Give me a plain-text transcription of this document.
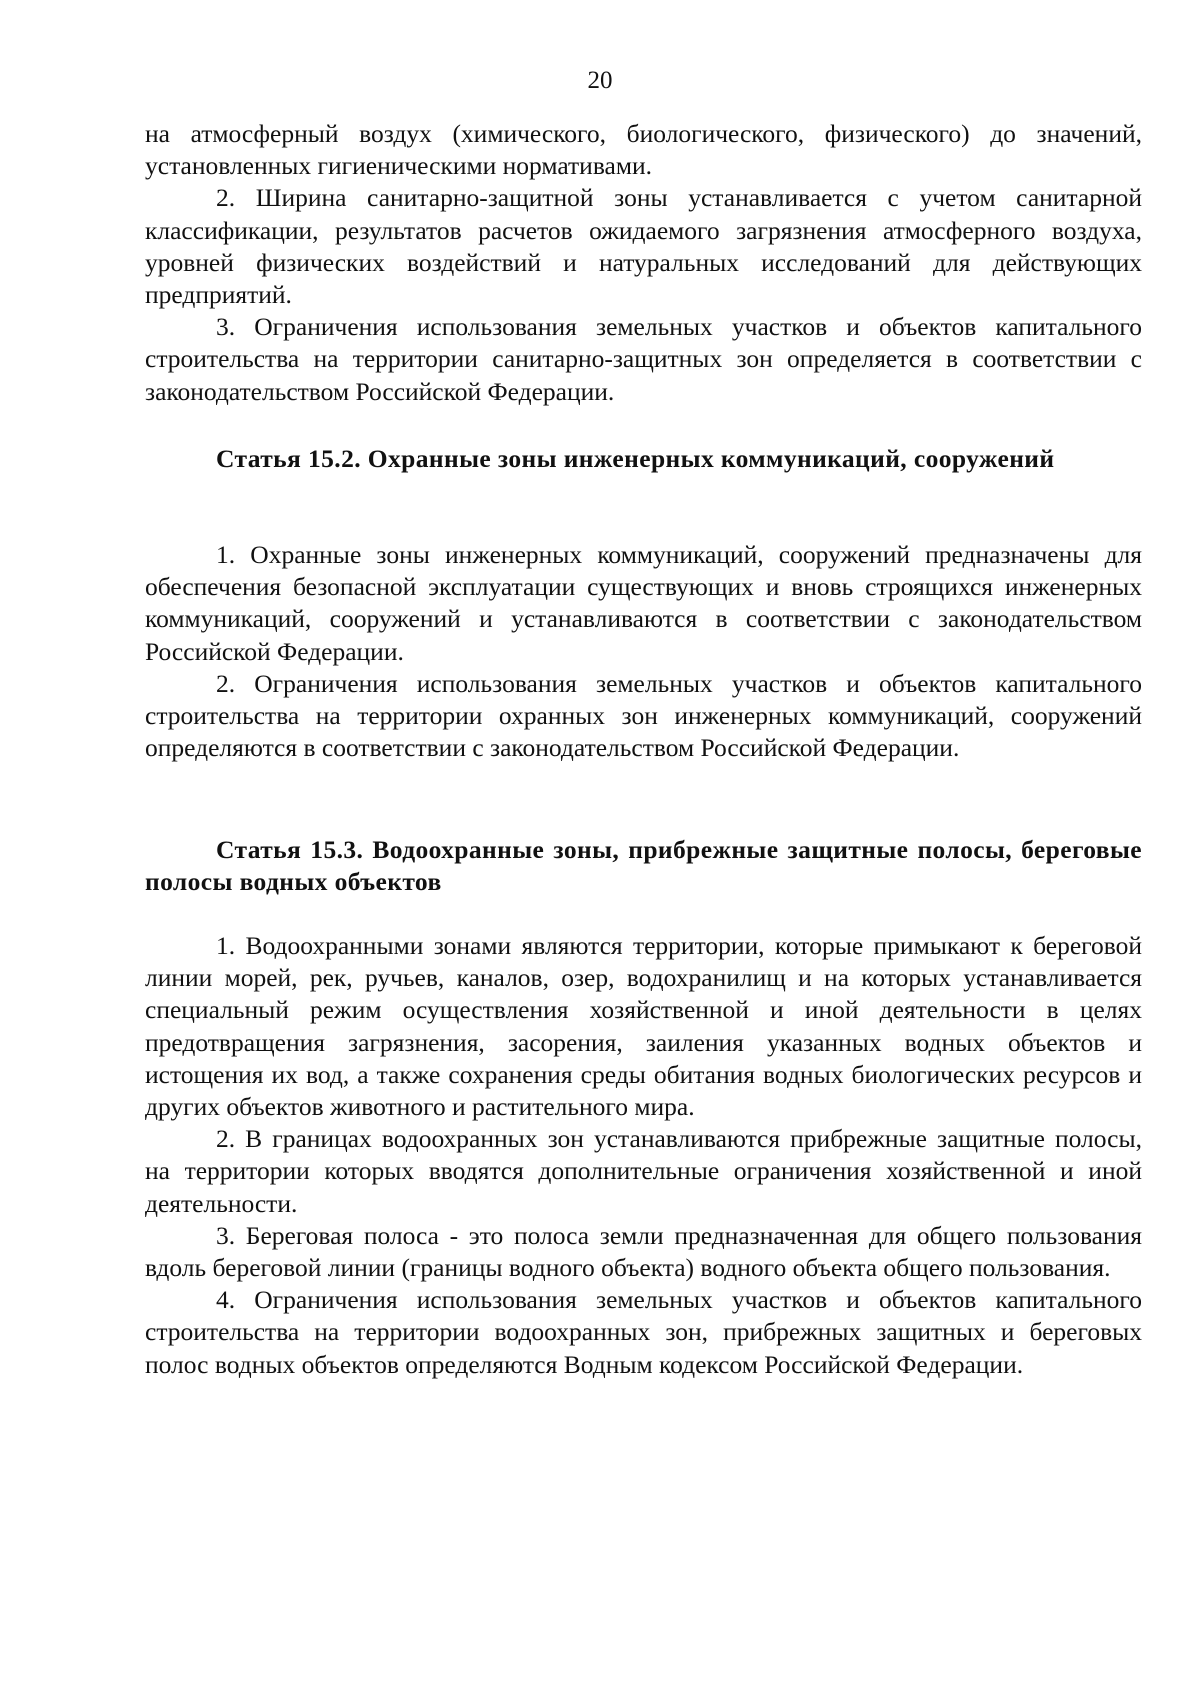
20

на атмосферный воздух (химического, биологического, физического) до значений, установленных гигиеническими нормативами.

2. Ширина санитарно-защитной зоны устанавливается с учетом санитарной классификации, результатов расчетов ожидаемого загрязнения атмосферного воздуха, уровней физических воздействий и натуральных исследований для действующих предприятий.

3. Ограничения использования земельных участков и объектов капитального строительства на территории санитарно-защитных зон определяется в соответствии с законодательством Российской Федерации.

Статья 15.2. Охранные зоны инженерных коммуникаций, сооружений

1. Охранные зоны инженерных коммуникаций, сооружений предназначены для обеспечения безопасной эксплуатации существующих и вновь строящихся инженерных коммуникаций, сооружений и устанавливаются в соответствии с законодательством Российской Федерации.

2. Ограничения использования земельных участков и объектов капитального строительства на территории охранных зон инженерных коммуникаций, сооружений определяются в соответствии с законодательством Российской Федерации.

Статья 15.3. Водоохранные зоны, прибрежные защитные полосы, береговые полосы водных объектов

1. Водоохранными зонами являются территории, которые примыкают к береговой линии морей, рек, ручьев, каналов, озер, водохранилищ и на которых устанавливается специальный режим осуществления хозяйственной и иной деятельности в целях предотвращения загрязнения, засорения, заиления указанных водных объектов и истощения их вод, а также сохранения среды обитания водных биологических ресурсов и других объектов животного и растительного мира.

2. В границах водоохранных зон устанавливаются прибрежные защитные полосы, на территории которых вводятся дополнительные ограничения хозяйственной и иной деятельности.

3. Береговая полоса - это полоса земли предназначенная для общего пользования вдоль береговой линии (границы водного объекта) водного объекта общего пользования.

4. Ограничения использования земельных участков и объектов капитального строительства на территории водоохранных зон, прибрежных защитных и береговых полос водных объектов определяются Водным кодексом Российской Федерации.
